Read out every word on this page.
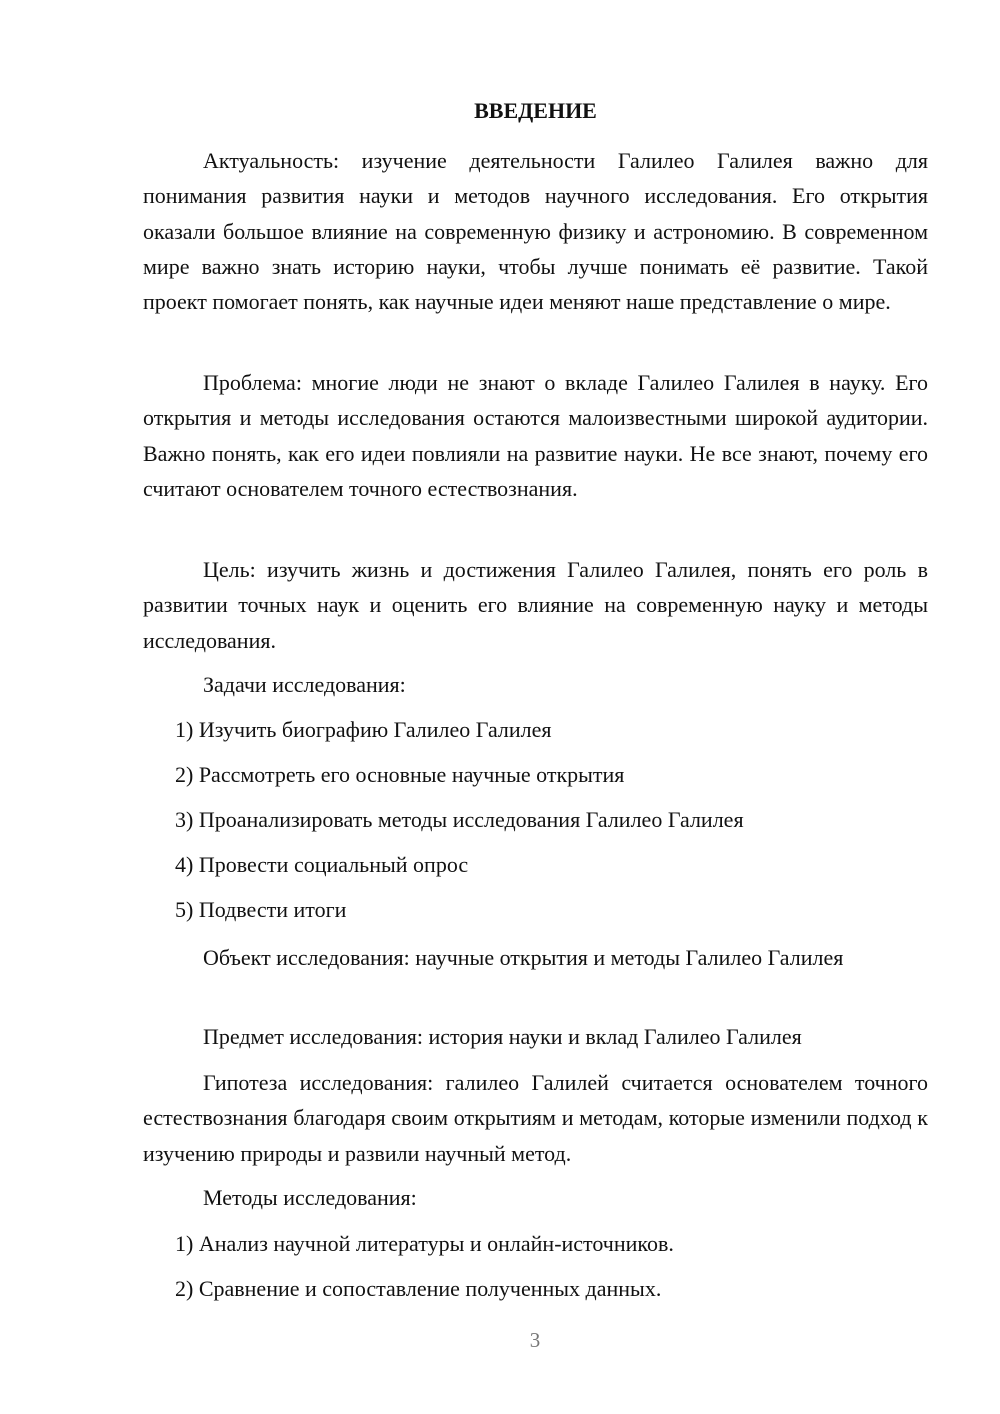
ВВЕДЕНИЕ

Актуальность: изучение деятельности Галилео Галилея важно для понимания развития науки и методов научного исследования. Его открытия оказали большое влияние на современную физику и астрономию. В современном мире важно знать историю науки, чтобы лучше понимать её развитие. Такой проект помогает понять, как научные идеи меняют наше представление о мире.

Проблема: многие люди не знают о вкладе Галилео Галилея в науку. Его открытия и методы исследования остаются малоизвестными широкой аудитории. Важно понять, как его идеи повлияли на развитие науки. Не все знают, почему его считают основателем точного естествознания.

Цель: изучить жизнь и достижения Галилео Галилея, понять его роль в развитии точных наук и оценить его влияние на современную науку и методы исследования.

Задачи исследования:

1) Изучить биографию Галилео Галилея

2) Рассмотреть его основные научные открытия

3) Проанализировать методы исследования Галилео Галилея

4) Провести социальный опрос

5) Подвести итоги

Объект исследования: научные открытия и методы Галилео Галилея

Предмет исследования: история науки и вклад Галилео Галилея

Гипотеза исследования: галилео Галилей считается основателем точного естествознания благодаря своим открытиям и методам, которые изменили подход к изучению природы и развили научный метод.

Методы исследования:

1) Анализ научной литературы и онлайн-источников.

2) Сравнение и сопоставление полученных данных.

3
